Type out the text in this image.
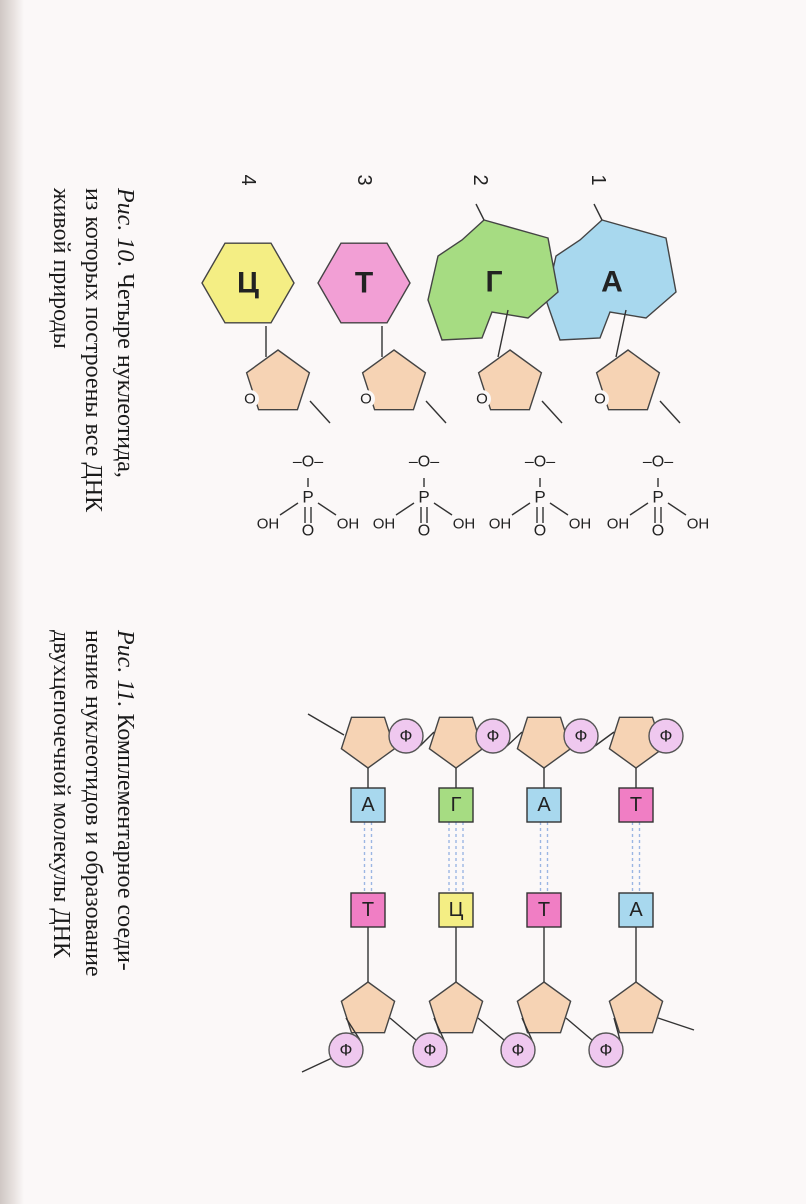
1
А
O
–O–
P
O OH
OH
2
Г
O
–O–
P
O OH
OH
3
Т
O
–O–
P
O OH
OH
4
Ц
O
–O–
P
O OH
OH
Т
А
А
Т
Г
Ц
А
Т
Ф
Ф
Ф
Ф
Ф
Ф
Ф
Ф
Рис. 10. Четыре нуклеотида,
из которых построены все ДНК
живой природы
Рис. 11. Комплементарное соеди-
нение нуклеотидов и образование
двухцепочечной молекулы ДНК
